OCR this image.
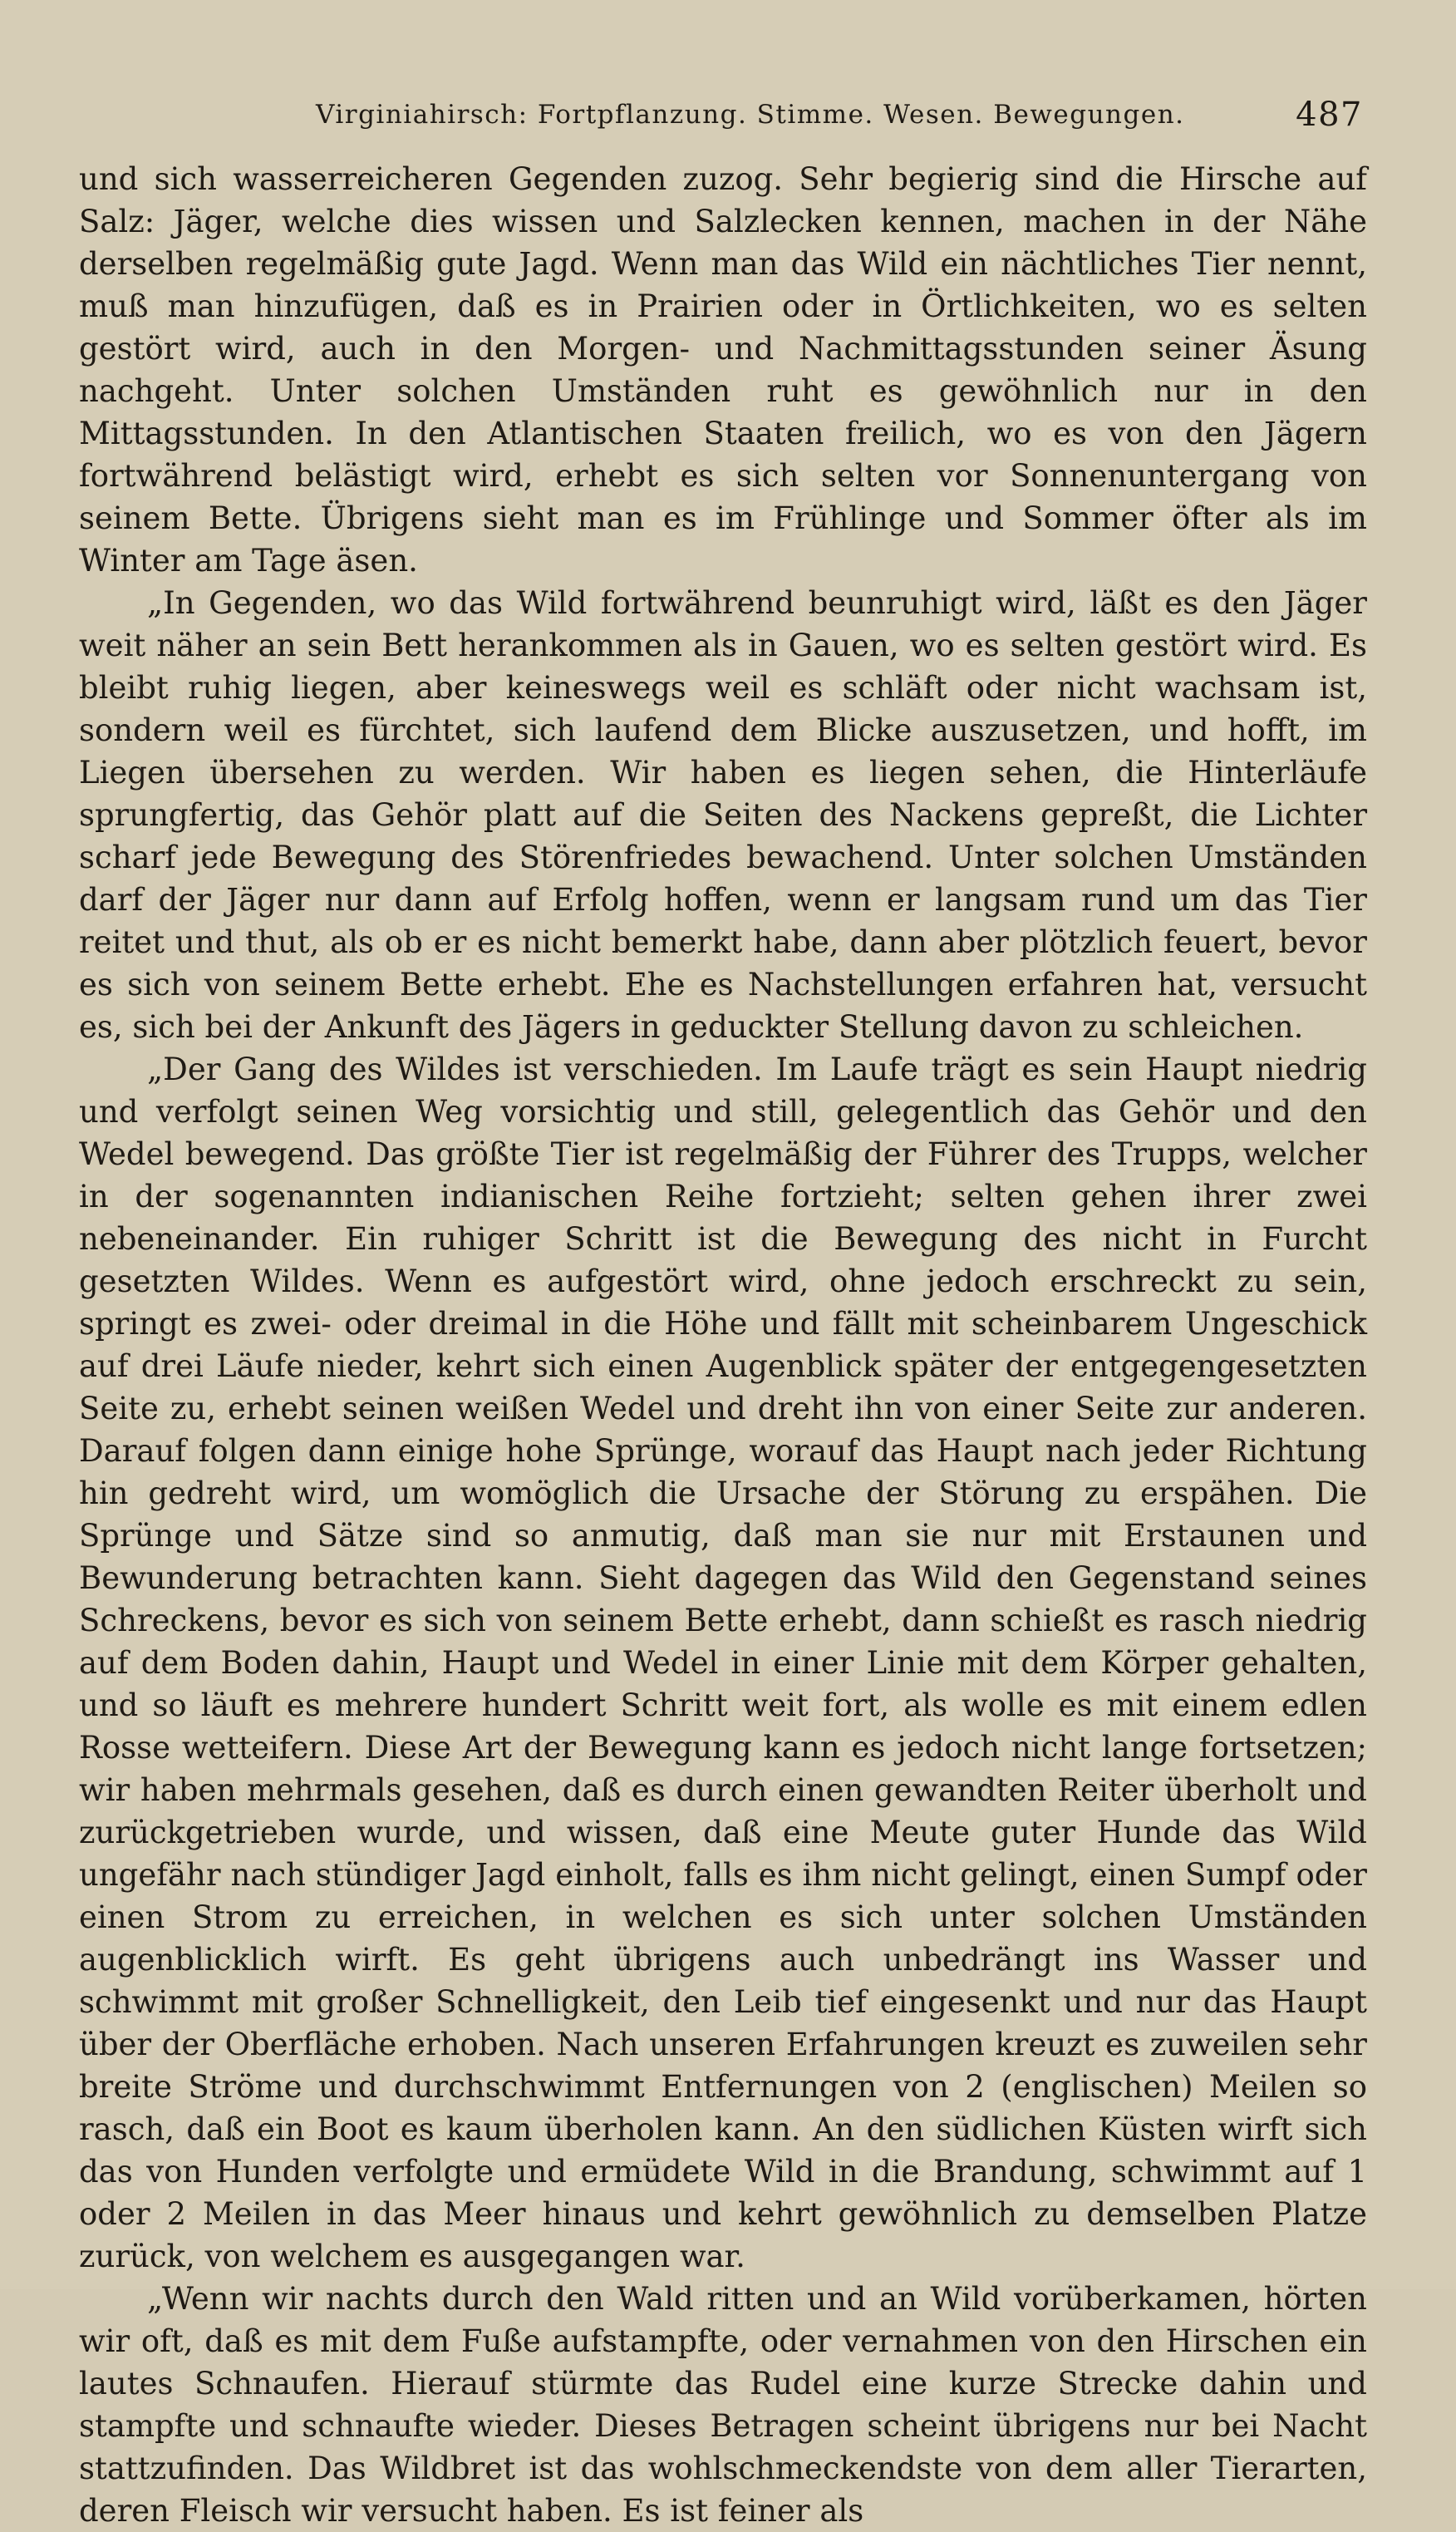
Virginiahirsch: Fortpflanzung. Stimme. Wesen. Bewegungen.	487

und sich wasserreicheren Gegenden zuzog. Sehr begierig sind die Hirsche auf Salz: Jäger, welche dies wissen und Salzlecken kennen, machen in der Nähe derselben regelmäßig gute Jagd. Wenn man das Wild ein nächtliches Tier nennt, muß man hinzufügen, daß es in Prairien oder in Örtlichkeiten, wo es selten gestört wird, auch in den Morgen- und Nachmittagsstunden seiner Äsung nachgeht. Unter solchen Umständen ruht es gewöhnlich nur in den Mittagsstunden. In den Atlantischen Staaten freilich, wo es von den Jägern fortwährend belästigt wird, erhebt es sich selten vor Sonnenuntergang von seinem Bette. Übrigens sieht man es im Frühlinge und Sommer öfter als im Winter am Tage äsen.

„In Gegenden, wo das Wild fortwährend beunruhigt wird, läßt es den Jäger weit näher an sein Bett herankommen als in Gauen, wo es selten gestört wird. Es bleibt ruhig liegen, aber keineswegs weil es schläft oder nicht wachsam ist, sondern weil es fürchtet, sich laufend dem Blicke auszusetzen, und hofft, im Liegen übersehen zu werden. Wir haben es liegen sehen, die Hinterläufe sprungfertig, das Gehör platt auf die Seiten des Nackens gepreßt, die Lichter scharf jede Bewegung des Störenfriedes bewachend. Unter solchen Umständen darf der Jäger nur dann auf Erfolg hoffen, wenn er langsam rund um das Tier reitet und thut, als ob er es nicht bemerkt habe, dann aber plötzlich feuert, bevor es sich von seinem Bette erhebt. Ehe es Nachstellungen erfahren hat, versucht es, sich bei der Ankunft des Jägers in geduckter Stellung davon zu schleichen.

„Der Gang des Wildes ist verschieden. Im Laufe trägt es sein Haupt niedrig und verfolgt seinen Weg vorsichtig und still, gelegentlich das Gehör und den Wedel bewegend. Das größte Tier ist regelmäßig der Führer des Trupps, welcher in der sogenannten indianischen Reihe fortzieht; selten gehen ihrer zwei nebeneinander. Ein ruhiger Schritt ist die Bewegung des nicht in Furcht gesetzten Wildes. Wenn es aufgestört wird, ohne jedoch erschreckt zu sein, springt es zwei- oder dreimal in die Höhe und fällt mit scheinbarem Ungeschick auf drei Läufe nieder, kehrt sich einen Augenblick später der entgegengesetzten Seite zu, erhebt seinen weißen Wedel und dreht ihn von einer Seite zur anderen. Darauf folgen dann einige hohe Sprünge, worauf das Haupt nach jeder Richtung hin gedreht wird, um womöglich die Ursache der Störung zu erspähen. Die Sprünge und Sätze sind so anmutig, daß man sie nur mit Erstaunen und Bewunderung betrachten kann. Sieht dagegen das Wild den Gegenstand seines Schreckens, bevor es sich von seinem Bette erhebt, dann schießt es rasch niedrig auf dem Boden dahin, Haupt und Wedel in einer Linie mit dem Körper gehalten, und so läuft es mehrere hundert Schritt weit fort, als wolle es mit einem edlen Rosse wetteifern. Diese Art der Bewegung kann es jedoch nicht lange fortsetzen; wir haben mehrmals gesehen, daß es durch einen gewandten Reiter überholt und zurückgetrieben wurde, und wissen, daß eine Meute guter Hunde das Wild ungefähr nach stündiger Jagd einholt, falls es ihm nicht gelingt, einen Sumpf oder einen Strom zu erreichen, in welchen es sich unter solchen Umständen augenblicklich wirft. Es geht übrigens auch unbedrängt ins Wasser und schwimmt mit großer Schnelligkeit, den Leib tief eingesenkt und nur das Haupt über der Oberfläche erhoben. Nach unseren Erfahrungen kreuzt es zuweilen sehr breite Ströme und durchschwimmt Entfernungen von 2 (englischen) Meilen so rasch, daß ein Boot es kaum überholen kann. An den südlichen Küsten wirft sich das von Hunden verfolgte und ermüdete Wild in die Brandung, schwimmt auf 1 oder 2 Meilen in das Meer hinaus und kehrt gewöhnlich zu demselben Platze zurück, von welchem es ausgegangen war.

„Wenn wir nachts durch den Wald ritten und an Wild vorüberkamen, hörten wir oft, daß es mit dem Fuße aufstampfte, oder vernahmen von den Hirschen ein lautes Schnaufen. Hierauf stürmte das Rudel eine kurze Strecke dahin und stampfte und schnaufte wieder. Dieses Betragen scheint übrigens nur bei Nacht stattzufinden. Das Wildbret ist das wohlschmeckendste von dem aller Tierarten, deren Fleisch wir versucht haben. Es ist feiner als
